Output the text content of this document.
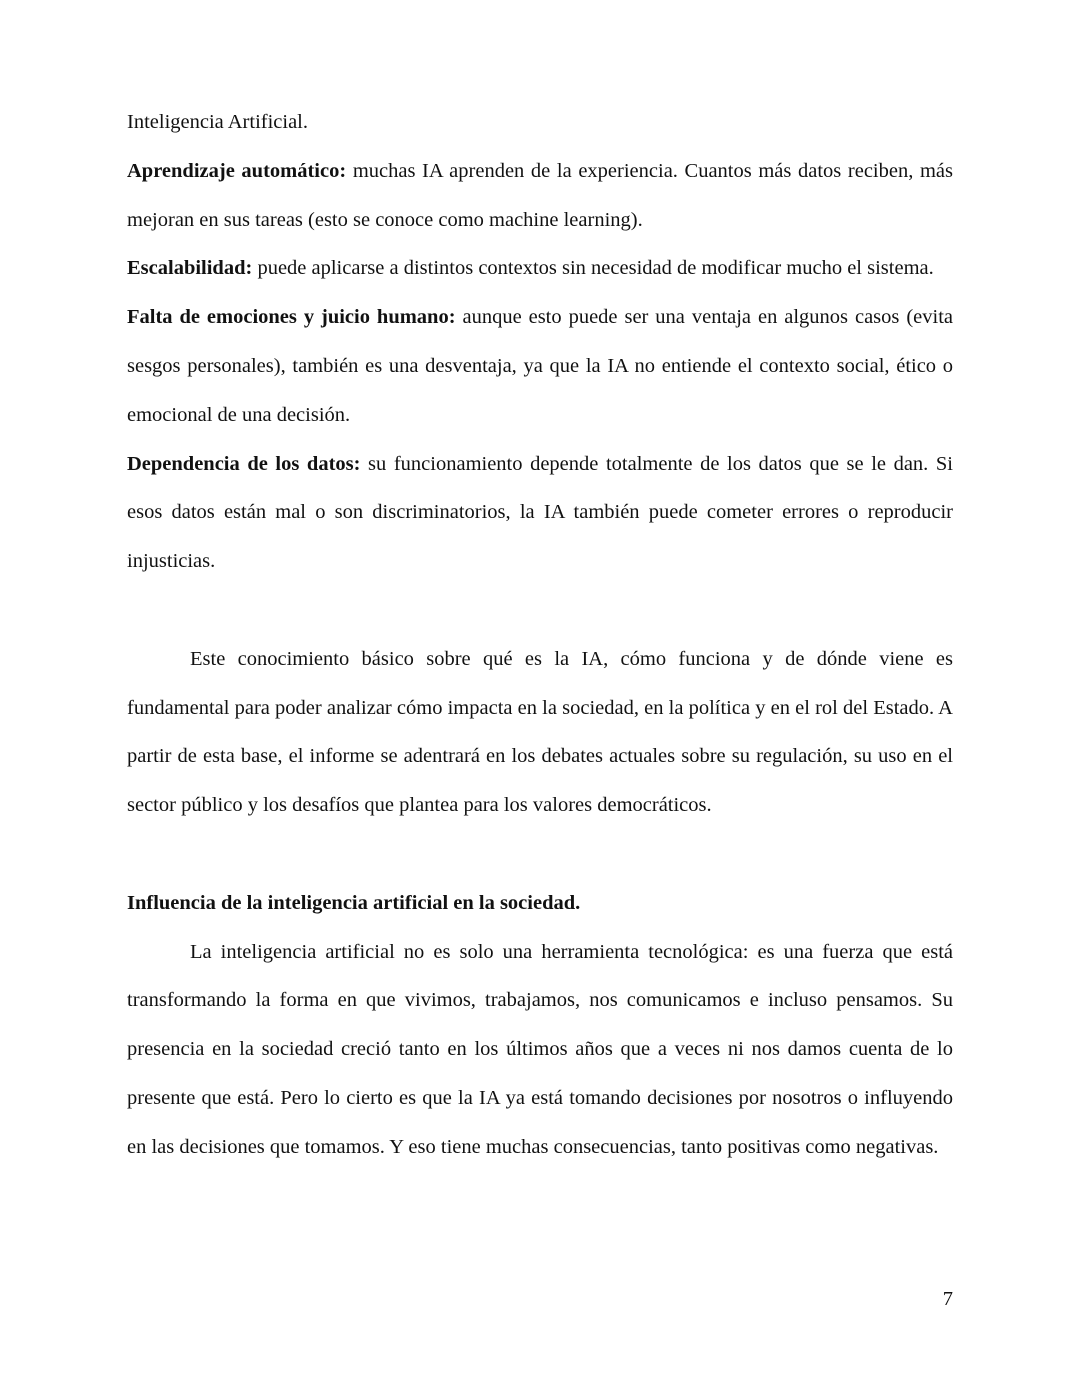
Inteligencia Artificial.

Aprendizaje automático: muchas IA aprenden de la experiencia. Cuantos más datos reciben, más mejoran en sus tareas (esto se conoce como machine learning).

Escalabilidad: puede aplicarse a distintos contextos sin necesidad de modificar mucho el sistema.

Falta de emociones y juicio humano: aunque esto puede ser una ventaja en algunos casos (evita sesgos personales), también es una desventaja, ya que la IA no entiende el contexto social, ético o emocional de una decisión.

Dependencia de los datos: su funcionamiento depende totalmente de los datos que se le dan. Si esos datos están mal o son discriminatorios, la IA también puede cometer errores o reproducir injusticias.

Este conocimiento básico sobre qué es la IA, cómo funciona y de dónde viene es fundamental para poder analizar cómo impacta en la sociedad, en la política y en el rol del Estado. A partir de esta base, el informe se adentrará en los debates actuales sobre su regulación, su uso en el sector público y los desafíos que plantea para los valores democráticos.

Influencia de la inteligencia artificial en la sociedad.

La inteligencia artificial no es solo una herramienta tecnológica: es una fuerza que está transformando la forma en que vivimos, trabajamos, nos comunicamos e incluso pensamos. Su presencia en la sociedad creció tanto en los últimos años que a veces ni nos damos cuenta de lo presente que está. Pero lo cierto es que la IA ya está tomando decisiones por nosotros o influyendo en las decisiones que tomamos. Y eso tiene muchas consecuencias, tanto positivas como negativas.

7
